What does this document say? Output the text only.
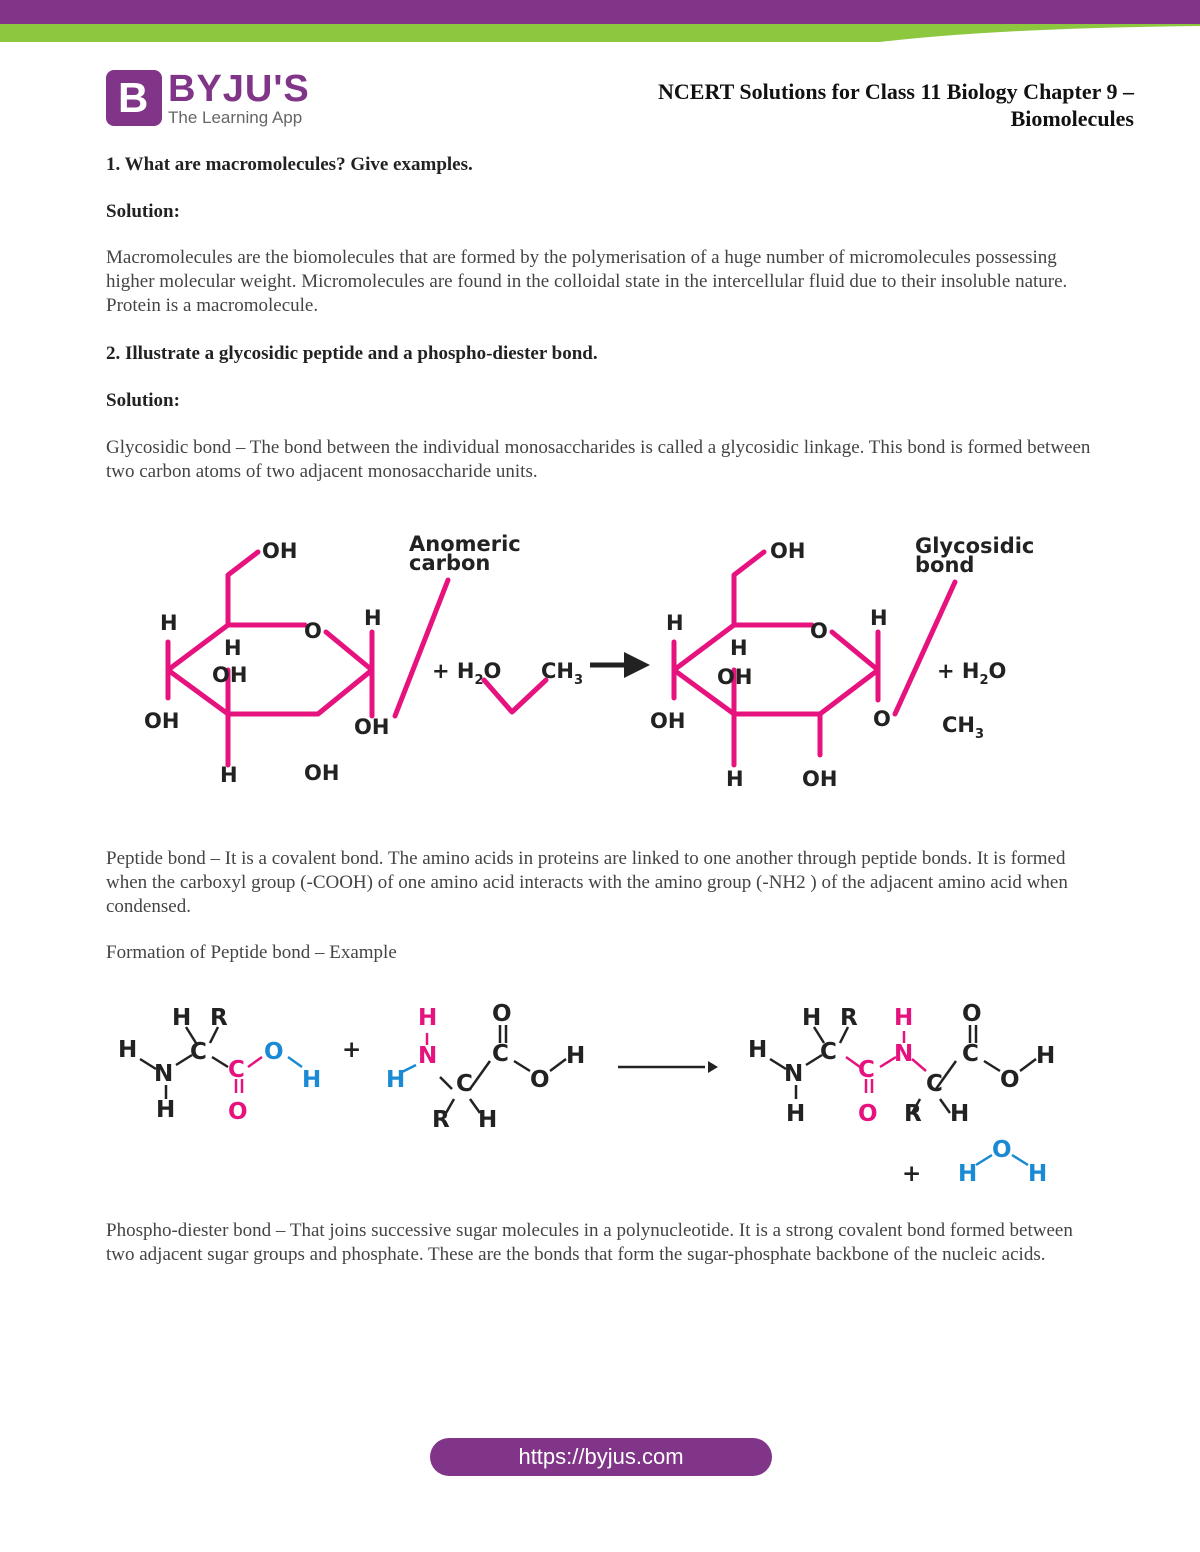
B BYJU'S
The Learning App
NCERT Solutions for Class 11 Biology Chapter 9 –
Biomolecules
1. What are macromolecules? Give examples.
Solution:
Macromolecules are the biomolecules that are formed by the polymerisation of a huge number of micromolecules possessing higher molecular weight. Micromolecules are found in the colloidal state in the intercellular fluid due to their insoluble nature. Protein is a macromolecule.
2. Illustrate a glycosidic peptide and a phospho-diester bond.
Solution:
Glycosidic bond – The bond between the individual monosaccharides is called a glycosidic linkage. This bond is formed between two carbon atoms of two adjacent monosaccharide units.
OH	Anomeric
carbon
H
H
O
H
OH	+ $H_2O$ $CH_3$
OH	OH
H	OH
OH	Glycosidic
bond
H
H
O
H
OH	+ $H_2O$
OH	O $CH_3$
H	OH
Peptide bond – It is a covalent bond. The amino acids in proteins are linked to one another through peptide bonds. It is formed when the carboxyl group (-COOH) of one amino acid interacts with the amino group (-NH2 ) of the adjacent amino acid when condensed.
Formation of Peptide bond – Example
H R
H C
N
H
+
O
C
C O
H
R H
H R
H C
N
H
O
C
C O
H
R H
+
C
O
H
N
C
O
H
N
O
H	H
H
O
H
Phospho-diester bond – That joins successive sugar molecules in a polynucleotide. It is a strong covalent bond formed between two adjacent sugar groups and phosphate. These are the bonds that form the sugar-phosphate backbone of the nucleic acids.
https://byjus.com
